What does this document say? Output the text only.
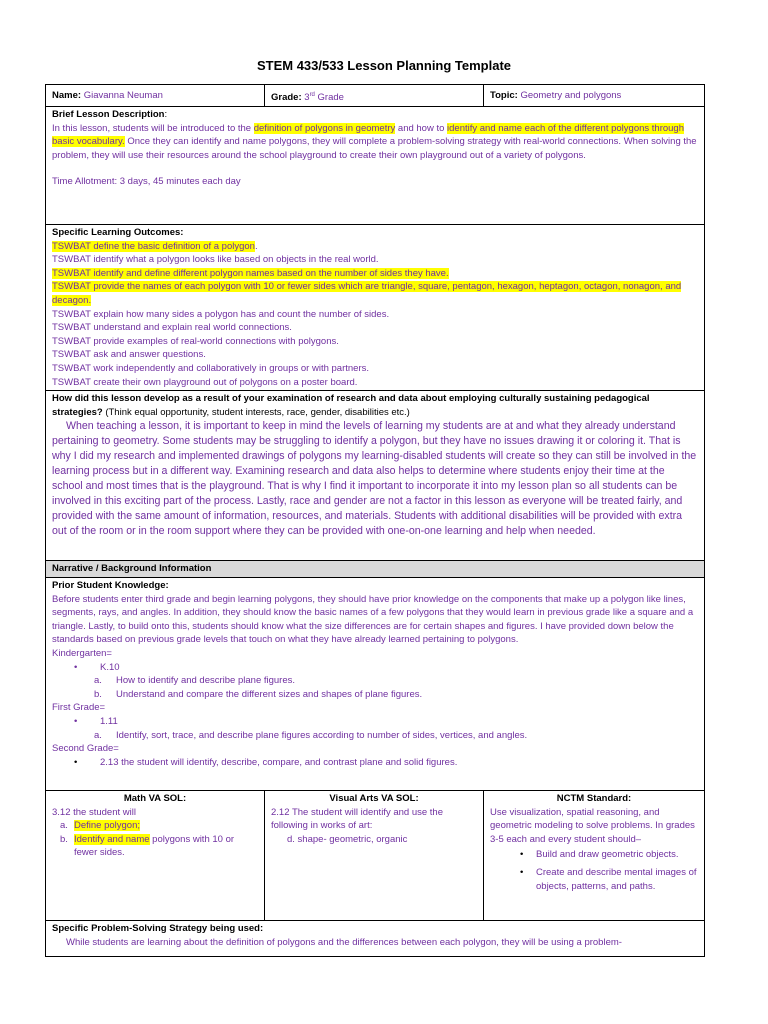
STEM 433/533 Lesson Planning Template
Name: Giavanna Neuman	Grade: 3rd Grade	Topic: Geometry and polygons
Brief Lesson Description:
In this lesson, students will be introduced to the definition of polygons in geometry and how to identify and name each of the different polygons through basic vocabulary. Once they can identify and name polygons, they will complete a problem-solving strategy with real-world connections. When solving the problem, they will use their resources around the school playground to create their own playground out of a variety of polygons.
Time Allotment: 3 days, 45 minutes each day
Specific Learning Outcomes:
TSWBAT define the basic definition of a polygon.
TSWBAT identify what a polygon looks like based on objects in the real world.
TSWBAT identify and define different polygon names based on the number of sides they have.
TSWBAT provide the names of each polygon with 10 or fewer sides which are triangle, square, pentagon, hexagon, heptagon, octagon, nonagon, and decagon.
TSWBAT explain how many sides a polygon has and count the number of sides.
TSWBAT understand and explain real world connections.
TSWBAT provide examples of real-world connections with polygons.
TSWBAT ask and answer questions.
TSWBAT work independently and collaboratively in groups or with partners.
TSWBAT create their own playground out of polygons on a poster board.
How did this lesson develop as a result of your examination of research and data about employing culturally sustaining pedagogical strategies? (Think equal opportunity, student interests, race, gender, disabilities etc.)

When teaching a lesson, it is important to keep in mind the levels of learning my students are at and what they already understand pertaining to geometry. Some students may be struggling to identify a polygon, but they have no issues drawing it or coloring it. That is why I did my research and implemented drawings of polygons my learning-disabled students will create so they can still be involved in the learning process but in a different way. Examining research and data also helps to determine where students enjoy their time at the school and most times that is the playground. That is why I find it important to incorporate it into my lesson plan so all students can be involved in this exciting part of the process. Lastly, race and gender are not a factor in this lesson as everyone will be treated fairly, and provided with the same amount of information, resources, and materials. Students with additional disabilities will be provided with extra out of the room or in the room support where they can be provided with one-on-one learning and help when needed.

Narrative / Background Information
Prior Student Knowledge:
Before students enter third grade and begin learning polygons, they should have prior knowledge on the components that make up a polygon like lines, segments, rays, and angles. In addition, they should know the basic names of a few polygons that they would learn in previous grade like a square and a triangle. Lastly, to build onto this, students should know what the size differences are for certain shapes and figures. I have provided down below the standards based on previous grade levels that touch on what they have already learned pertaining to polygons.
Kindergarten=
•	K.10
a.	How to identify and describe plane figures.
b.	Understand and compare the different sizes and shapes of plane figures.
First Grade=
•	1.11
a.	Identify, sort, trace, and describe plane figures according to number of sides, vertices, and angles.
Second Grade=
•	2.13 the student will identify, describe, compare, and contrast plane and solid figures.
Math VA SOL:
3.12 the student will
a. Define polygon;
b. Identify and name polygons with 10 or fewer sides.
Visual Arts VA SOL:
2.12 The student will identify and use the following in works of art:
d. shape- geometric, organic
NCTM Standard:
Use visualization, spatial reasoning, and geometric modeling to solve problems. In grades 3-5 each and every student should–
•	Build and draw geometric objects.
•	Create and describe mental images of objects, patterns, and paths.
Specific Problem-Solving Strategy being used:
While students are learning about the definition of polygons and the differences between each polygon, they will be using a problem-
